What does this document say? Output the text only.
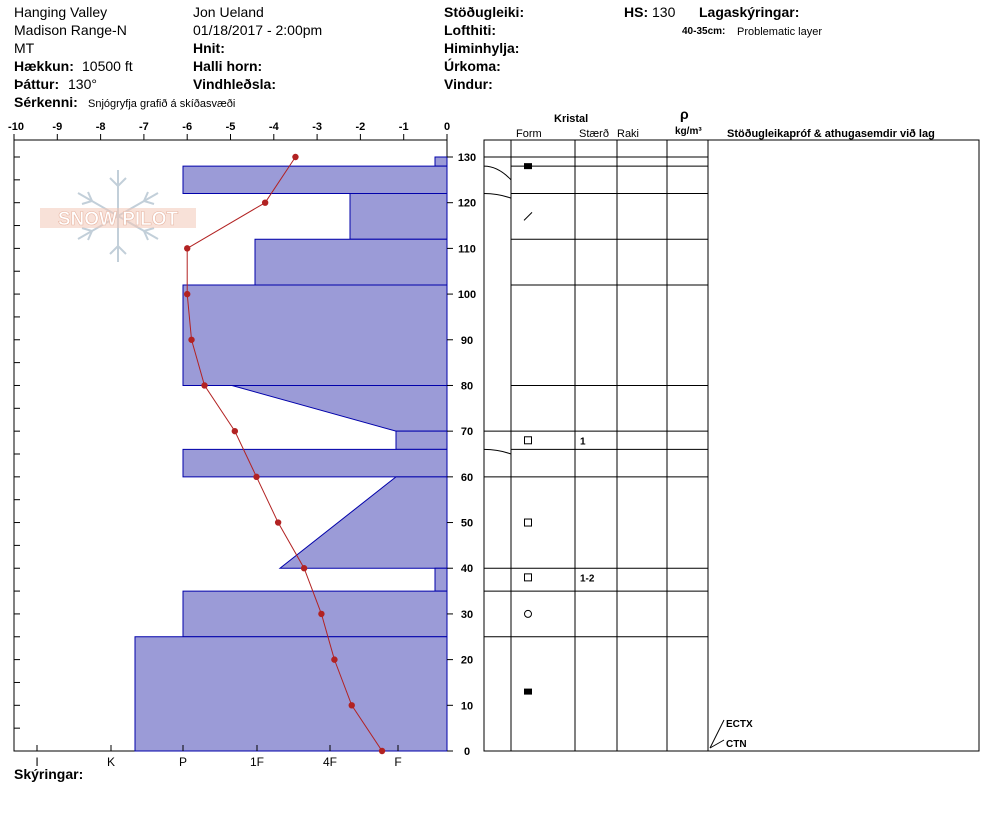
-10	-9	-8	-7	-6	-5	-4	-3	-2	-1	0
130
120
110
100
90
80
70
60
50
40
30
20
10
0
I	K	P	1F	4F	F
1
1-2
ECTX
CTN
SNOW PILOT
Hanging Valley
Madison Range-N
MT
Hækkun: 10500 ft
Þáttur: 130°
Sérkenni: Snjógryfja grafið á skíðasvæði
Jon Ueland
01/18/2017 - 2:00pm
Hnit:
Halli horn:
Vindhleðsla:
Stöðugleiki:
Lofthiti:
Himinhylja:
Úrkoma:
Vindur:
HS: 130 Lagaskýringar:
40-35cm: Problematic layer
Skýringar:
Kristal
Form	Stærð Raki
ρ
kg/m³ Stöðugleikapróf & athugasemdir við lag
